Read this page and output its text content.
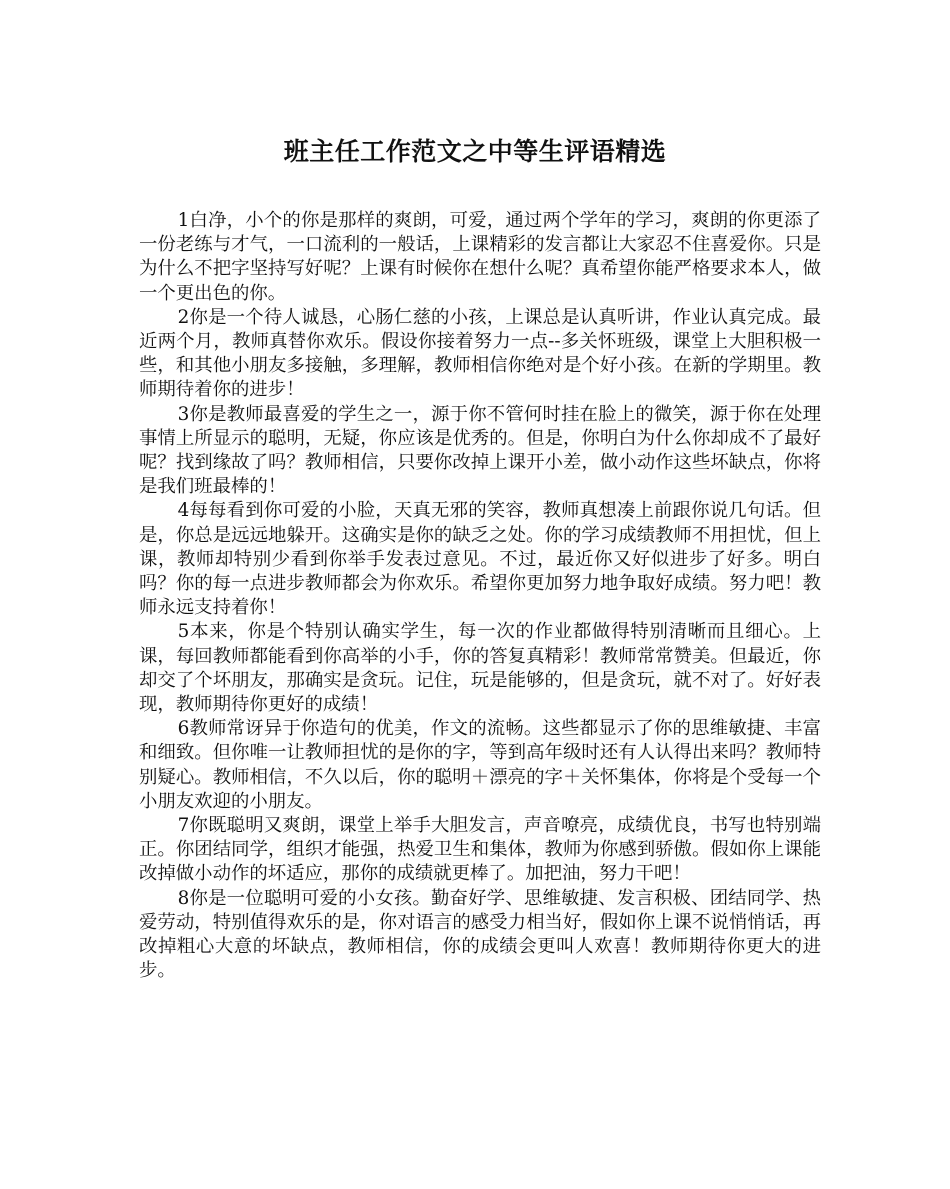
班主任工作范文之中等生评语精选

1白净，小个的你是那样的爽朗，可爱，通过两个学年的学习，爽朗的你更添了一份老练与才气，一口流利的一般话，上课精彩的发言都让大家忍不住喜爱你。只是为什么不把字坚持写好呢？上课有时候你在想什么呢？真希望你能严格要求本人，做一个更出色的你。

2你是一个待人诚恳，心肠仁慈的小孩，上课总是认真听讲，作业认真完成。最近两个月，教师真替你欢乐。假设你接着努力一点--多关怀班级，课堂上大胆积极一些，和其他小朋友多接触，多理解，教师相信你绝对是个好小孩。在新的学期里。教师期待着你的进步！

3你是教师最喜爱的学生之一，源于你不管何时挂在脸上的微笑，源于你在处理事情上所显示的聪明，无疑，你应该是优秀的。但是，你明白为什么你却成不了最好呢？找到缘故了吗？教师相信，只要你改掉上课开小差，做小动作这些坏缺点，你将是我们班最棒的！

4每每看到你可爱的小脸，天真无邪的笑容，教师真想凑上前跟你说几句话。但是，你总是远远地躲开。这确实是你的缺乏之处。你的学习成绩教师不用担忧，但上课，教师却特别少看到你举手发表过意见。不过，最近你又好似进步了好多。明白吗？你的每一点进步教师都会为你欢乐。希望你更加努力地争取好成绩。努力吧！教师永远支持着你！

5本来，你是个特别认确实学生，每一次的作业都做得特别清晰而且细心。上课，每回教师都能看到你高举的小手，你的答复真精彩！教师常常赞美。但最近，你却交了个坏朋友，那确实是贪玩。记住，玩是能够的，但是贪玩，就不对了。好好表现，教师期待你更好的成绩！

6教师常讶异于你造句的优美，作文的流畅。这些都显示了你的思维敏捷、丰富和细致。但你唯一让教师担忧的是你的字，等到高年级时还有人认得出来吗？教师特别疑心。教师相信，不久以后，你的聪明＋漂亮的字＋关怀集体，你将是个受每一个小朋友欢迎的小朋友。

7你既聪明又爽朗，课堂上举手大胆发言，声音嘹亮，成绩优良，书写也特别端正。你团结同学，组织才能强，热爱卫生和集体，教师为你感到骄傲。假如你上课能改掉做小动作的坏适应，那你的成绩就更棒了。加把油，努力干吧！

8你是一位聪明可爱的小女孩。勤奋好学、思维敏捷、发言积极、团结同学、热爱劳动，特别值得欢乐的是，你对语言的感受力相当好，假如你上课不说悄悄话，再改掉粗心大意的坏缺点，教师相信，你的成绩会更叫人欢喜！教师期待你更大的进步。
